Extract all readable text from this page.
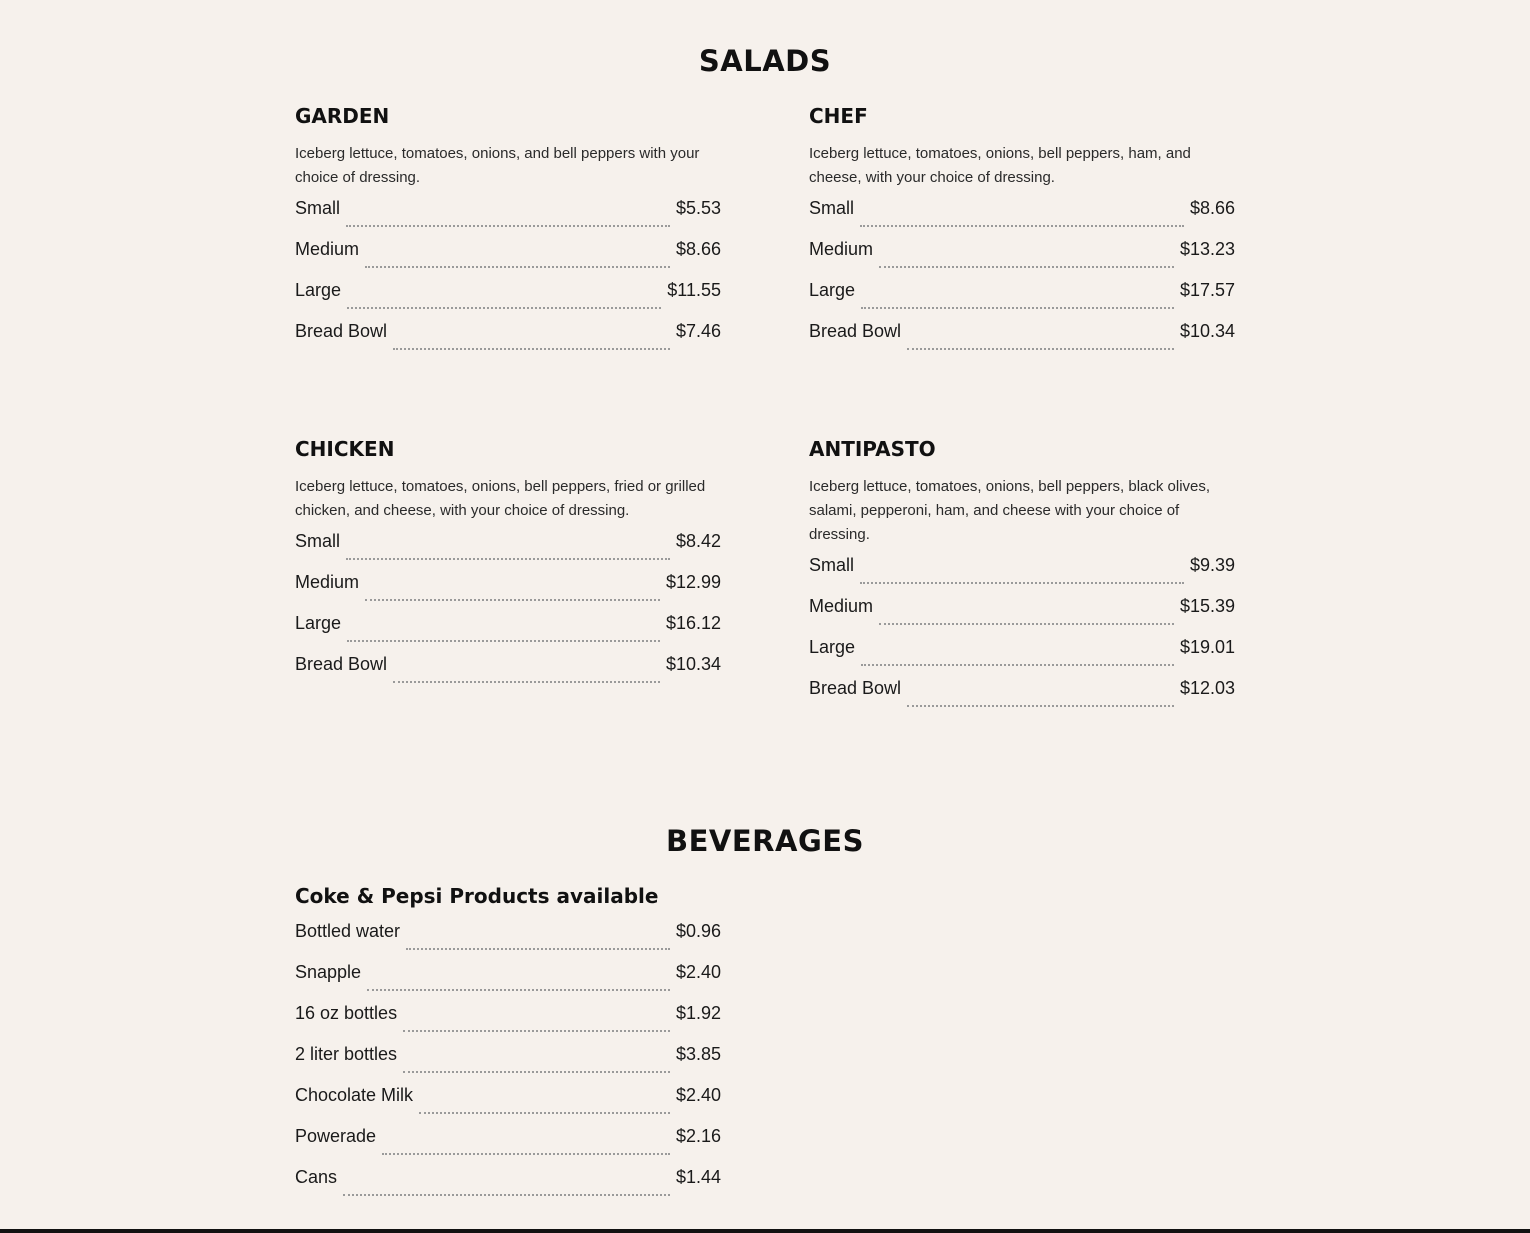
SALADS
GARDEN

Iceberg lettuce, tomatoes, onions, and bell peppers with your choice of dressing.

Small	$5.53
Medium	$8.66
Large	$11.55
Bread Bowl	$7.46
CHEF

Iceberg lettuce, tomatoes, onions, bell peppers, ham, and cheese, with your choice of dressing.

Small	$8.66
Medium	$13.23
Large	$17.57
Bread Bowl	$10.34
CHICKEN

Iceberg lettuce, tomatoes, onions, bell peppers, fried or grilled chicken, and cheese, with your choice of dressing.

Small	$8.42
Medium	$12.99
Large	$16.12
Bread Bowl	$10.34
ANTIPASTO

Iceberg lettuce, tomatoes, onions, bell peppers, black olives, salami, pepperoni, ham, and cheese with your choice of dressing.

Small	$9.39
Medium	$15.39
Large	$19.01
Bread Bowl	$12.03
BEVERAGES
Coke & Pepsi Products available
Bottled water	$0.96
Snapple	$2.40
16 oz bottles	$1.92
2 liter bottles	$3.85
Chocolate Milk	$2.40
Powerade	$2.16
Cans	$1.44
